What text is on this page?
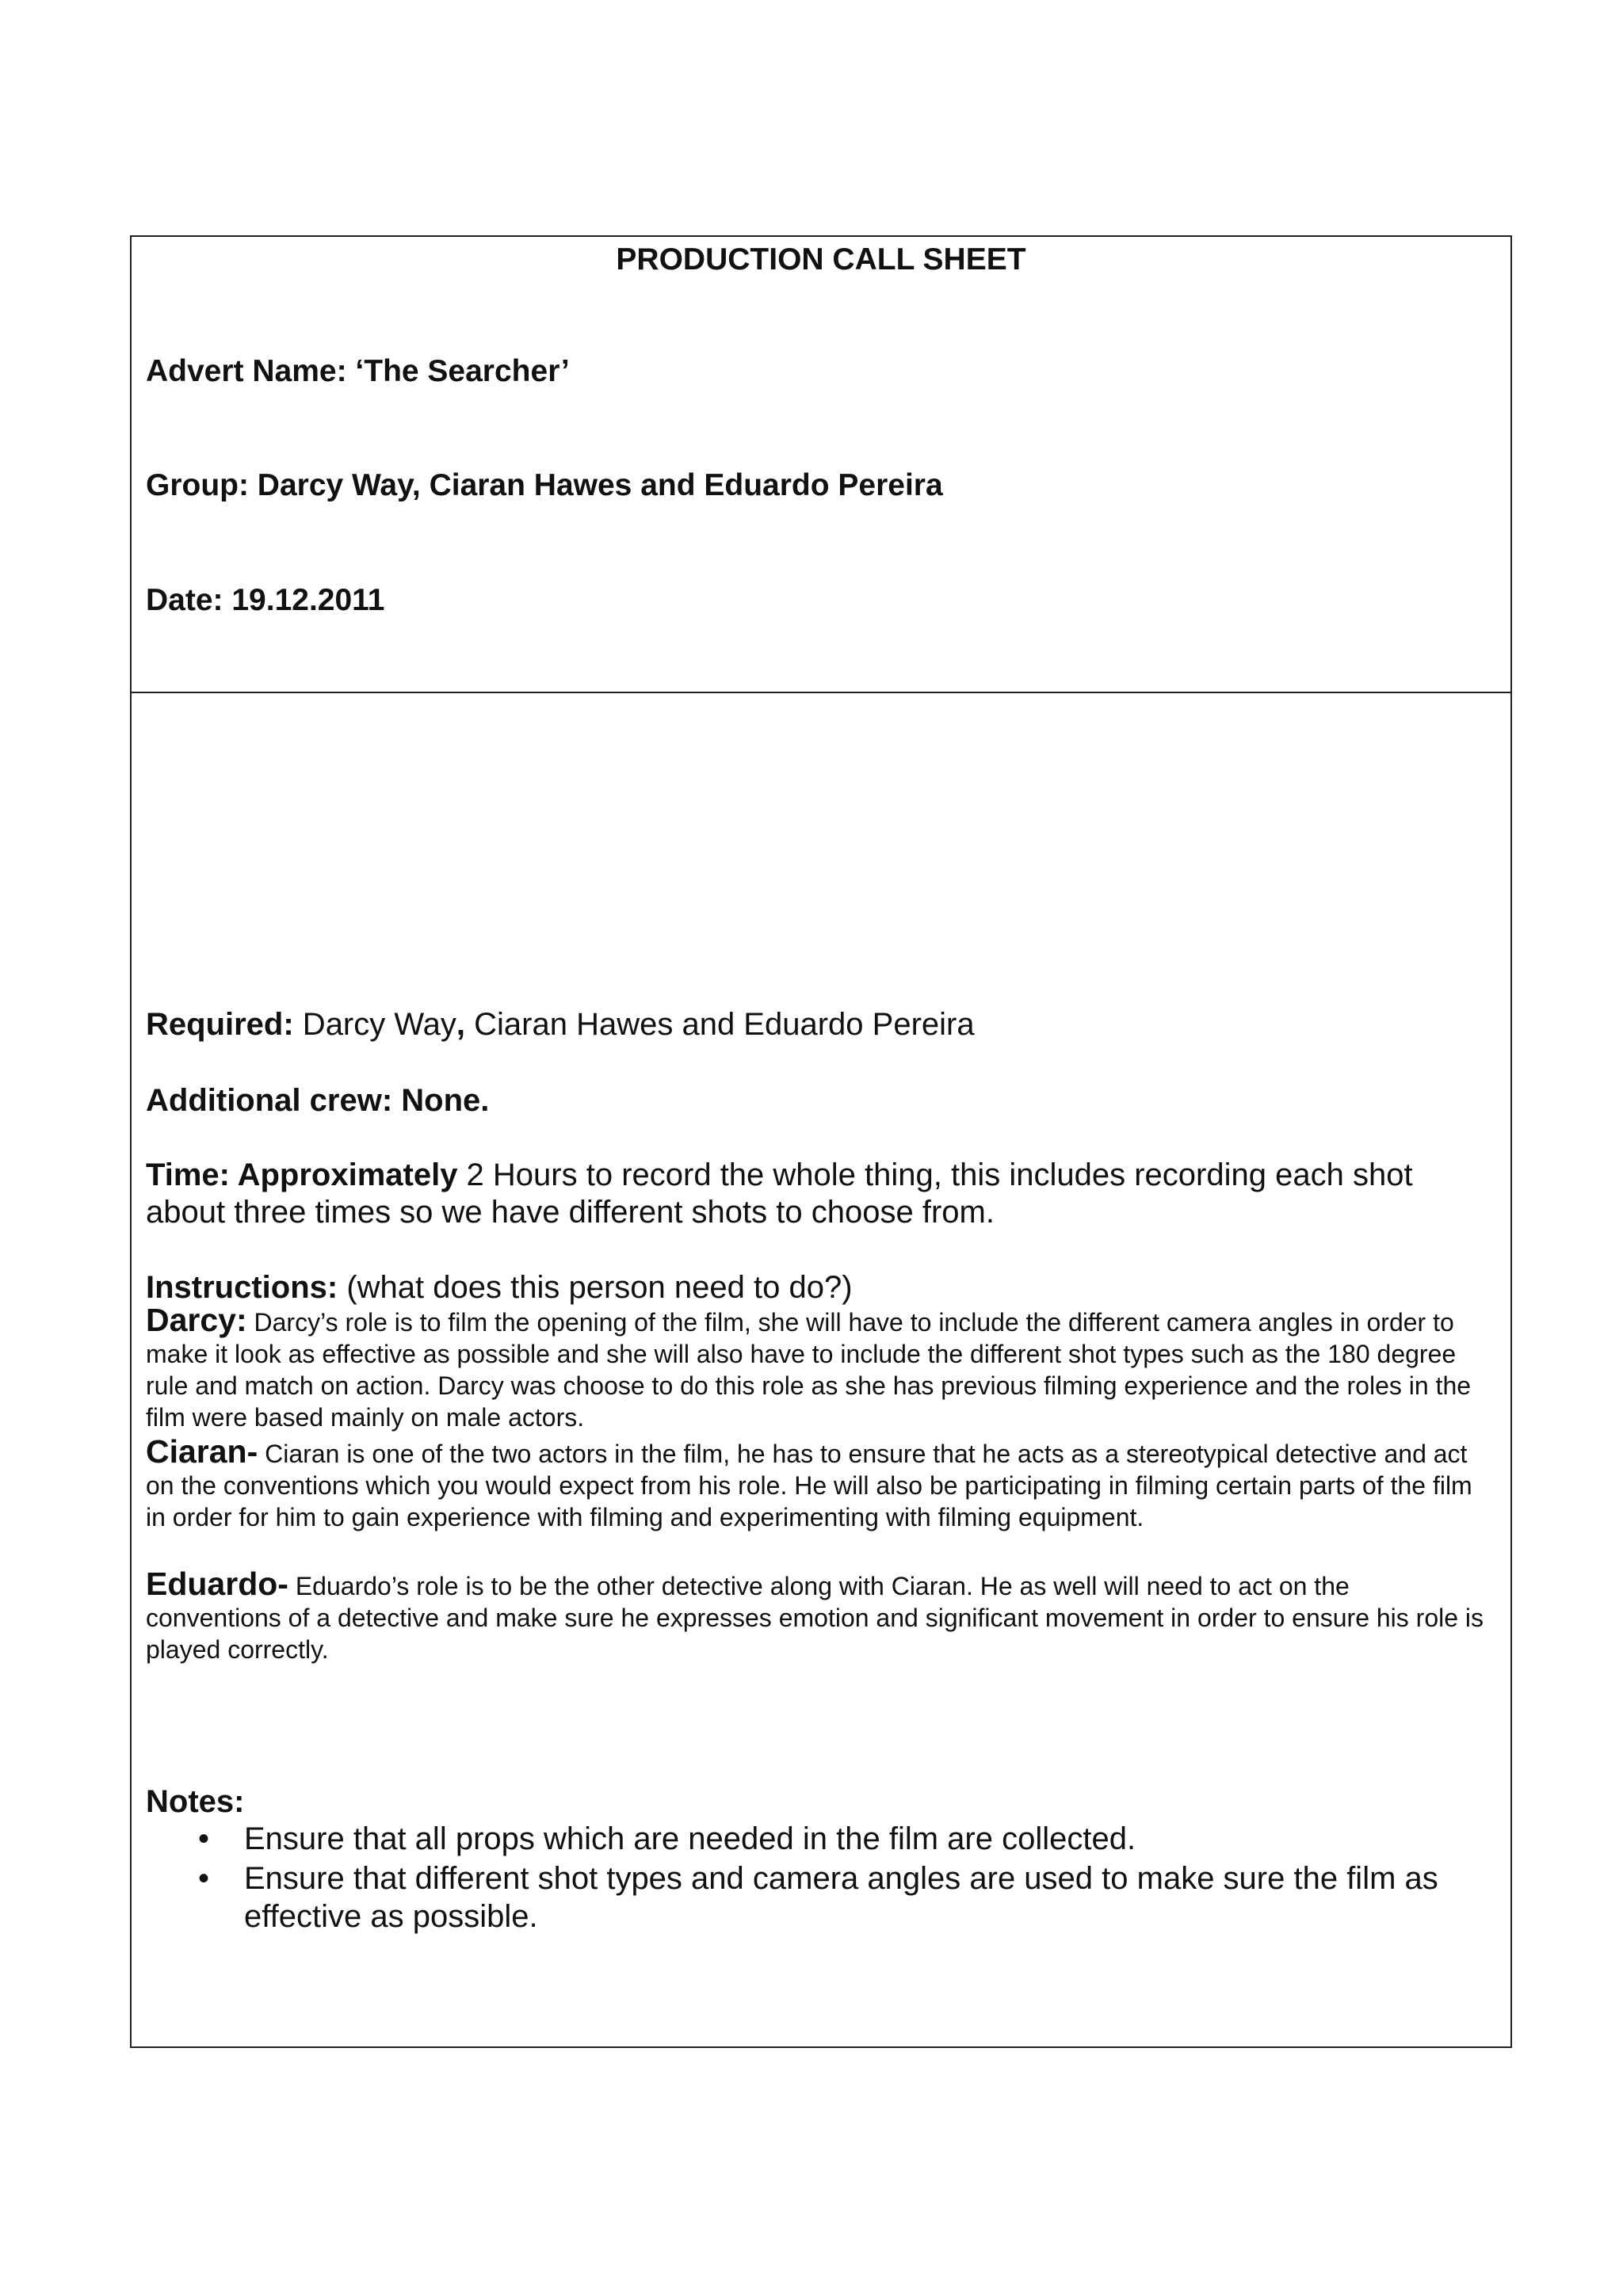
PRODUCTION CALL SHEET
Advert Name: ‘The Searcher’
Group: Darcy Way, Ciaran Hawes and Eduardo Pereira
Date: 19.12.2011
Required: Darcy Way, Ciaran Hawes and Eduardo Pereira
Additional crew: None.
Time: Approximately 2 Hours to record the whole thing, this includes recording each shot about three times so we have different shots to choose from.
Instructions: (what does this person need to do?)
Darcy: Darcy’s role is to film the opening of the film, she will have to include the different camera angles in order to make it look as effective as possible and she will also have to include the different shot types such as the 180 degree rule and match on action. Darcy was choose to do this role as she has previous filming experience and the roles in the film were based mainly on male actors.
Ciaran- Ciaran is one of the two actors in the film, he has to ensure that he acts as a stereotypical detective and act on the conventions which you would expect from his role. He will also be participating in filming certain parts of the film in order for him to gain experience with filming and experimenting with filming equipment.
Eduardo- Eduardo’s role is to be the other detective along with Ciaran. He as well will need to act on the conventions of a detective and make sure he expresses emotion and significant movement in order to ensure his role is played correctly.
Notes:
• Ensure that all props which are needed in the film are collected.
• Ensure that different shot types and camera angles are used to make sure the film as effective as possible.
